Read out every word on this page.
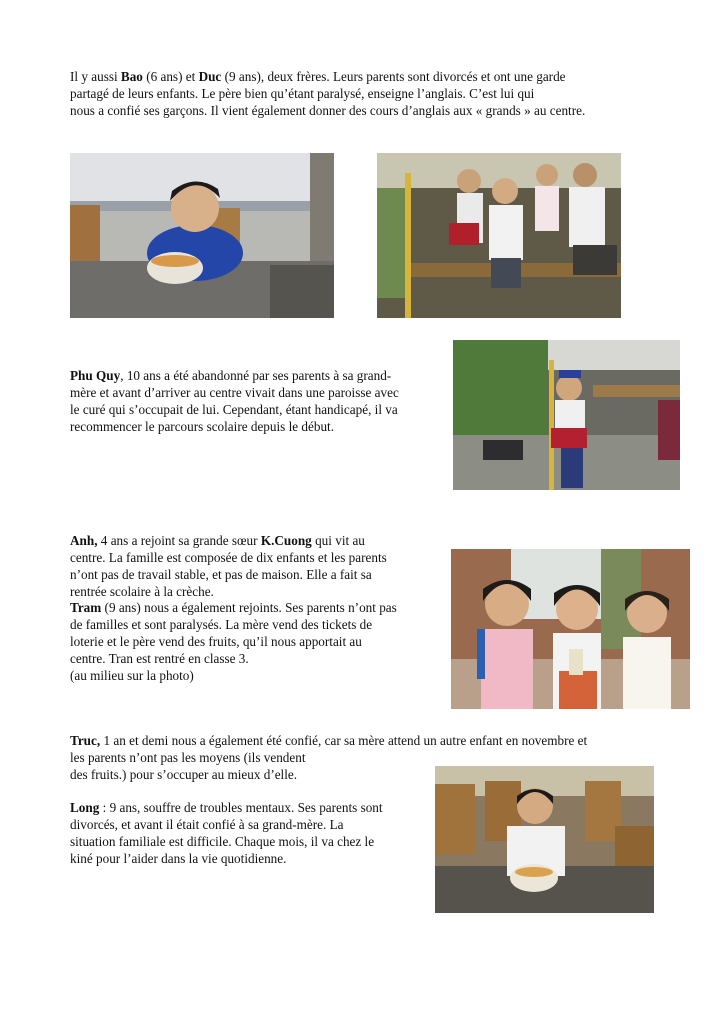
Il y aussi Bao (6 ans) et Duc (9 ans), deux frères. Leurs parents sont divorcés et ont une garde

partagé de leurs enfants. Le père bien qu’étant paralysé, enseigne l’anglais. C’est lui qui

nous a confié ses garçons. Il vient également donner des cours d’anglais aux « grands » au centre.

Phu Quy, 10 ans a été abandonné par ses parents à sa grand-

mère et avant d’arriver au centre vivait dans une paroisse avec

le curé qui s’occupait de lui. Cependant, étant handicapé, il va

recommencer le parcours scolaire depuis le début.

Anh, 4 ans a rejoint sa grande sœur K.Cuong qui vit au

centre. La famille est composée de dix enfants et les parents

n’ont pas de travail stable, et pas de maison. Elle a fait sa

rentrée scolaire à la crèche.

Tram (9 ans) nous a également rejoints. Ses parents n’ont pas

de familles et sont paralysés. La mère vend des tickets de

loterie et le père vend des fruits, qu’il nous apportait au

centre. Tran est rentré en classe 3.

(au milieu sur la photo)

Truc, 1 an et demi nous a également été confié, car sa mère attend un autre enfant en novembre et

les parents n’ont pas les moyens (ils vendent

des fruits.) pour s’occuper au mieux d’elle.

Long : 9 ans, souffre de troubles mentaux. Ses parents sont

divorcés, et avant il était confié à sa grand-mère. La

situation familiale est difficile. Chaque mois, il va chez le

kiné pour l’aider dans la vie quotidienne.
